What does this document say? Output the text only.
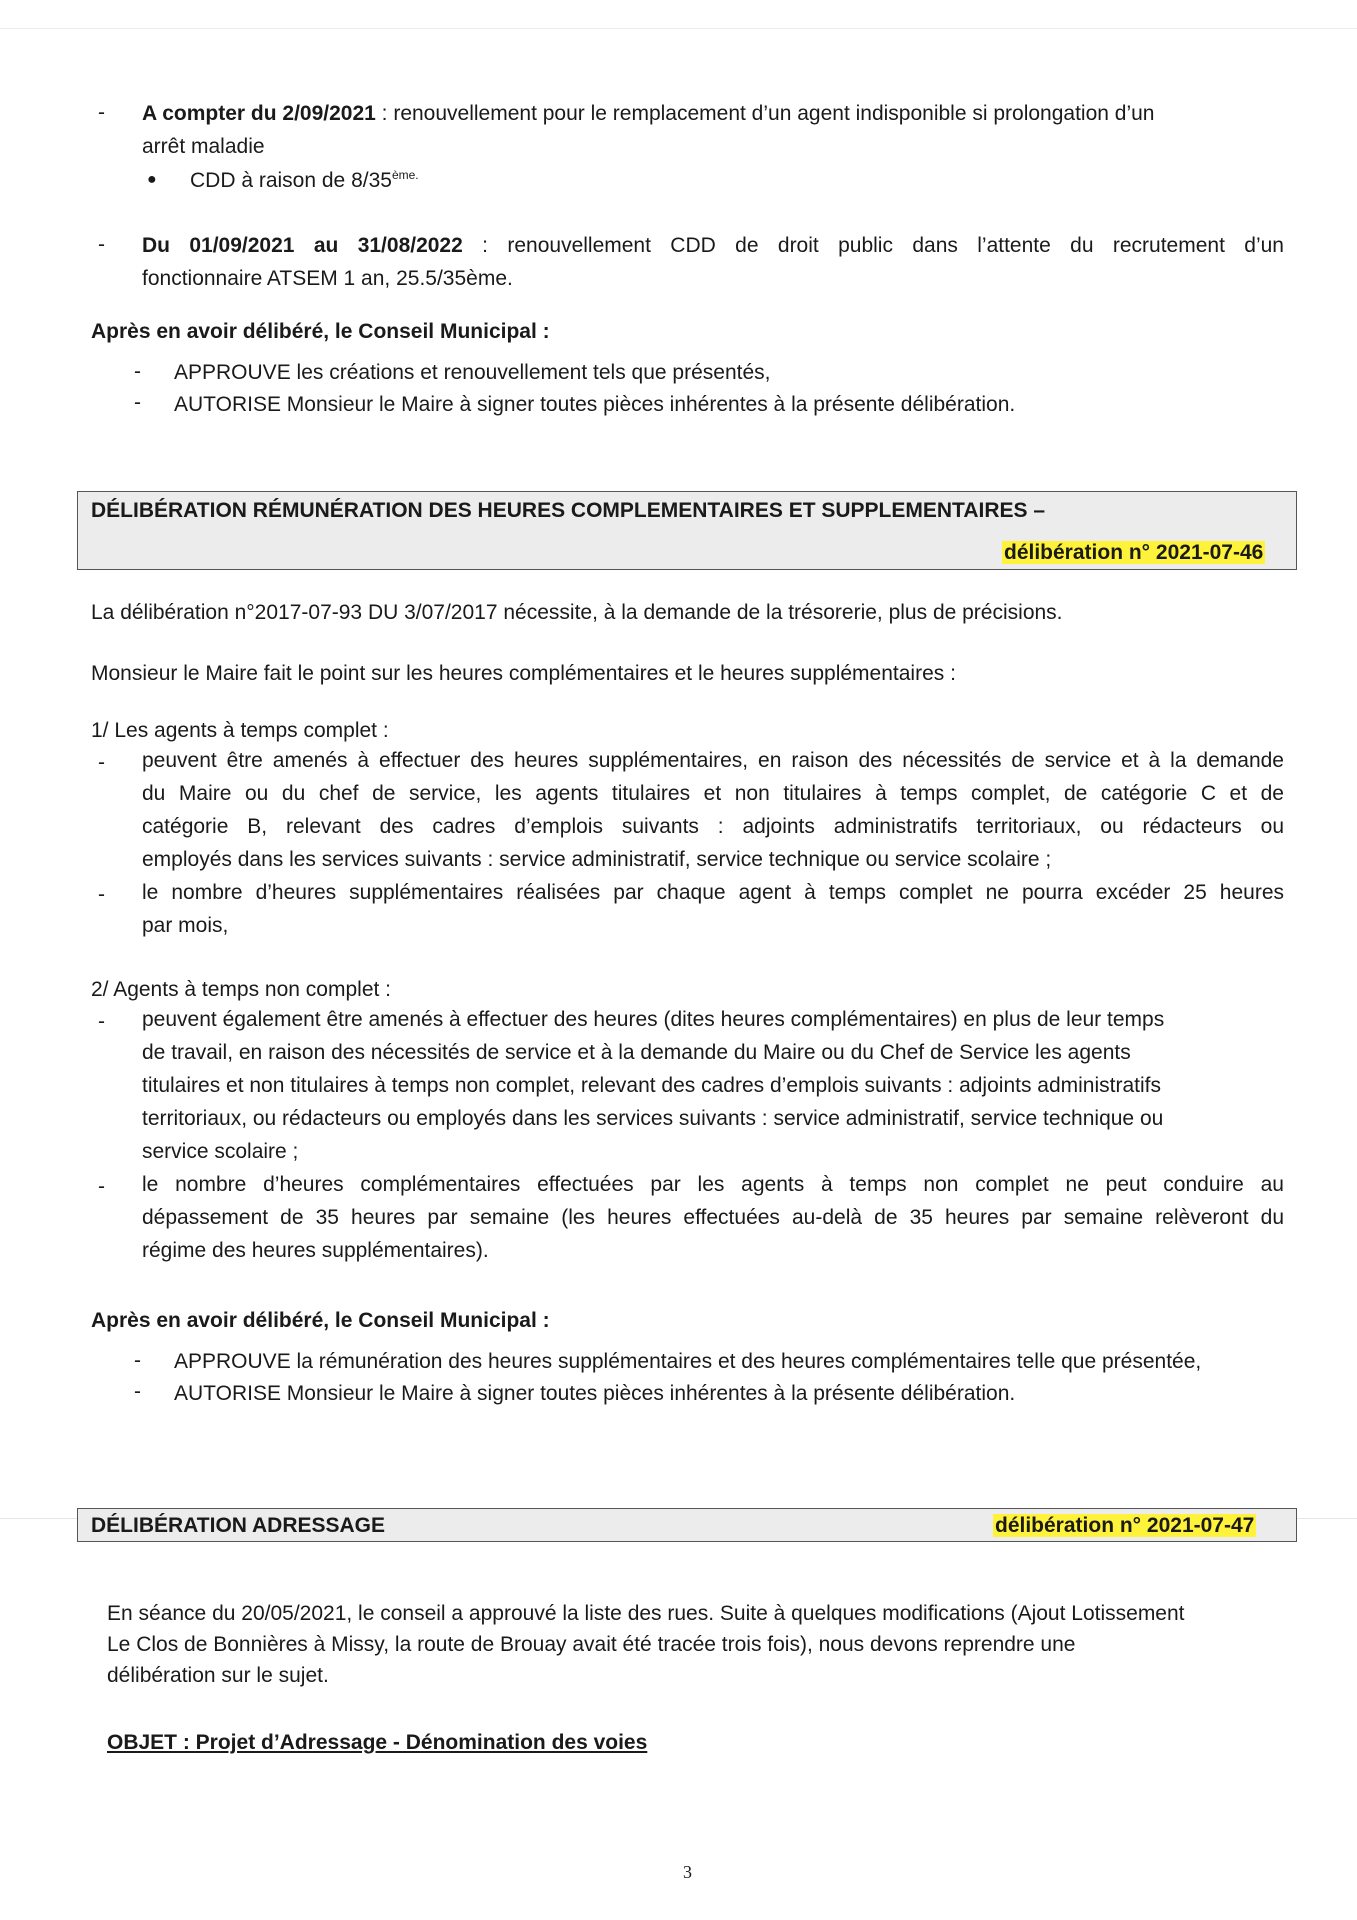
-	A compter du 2/09/2021 : renouvellement pour le remplacement d’un agent indisponible si prolongation d’un
arrêt maladie
● CDD à raison de $8/35^{ème.}$
-	Du 01/09/2021 au 31/08/2022 : renouvellement CDD de droit public dans l’attente du recrutement d’un
fonctionnaire ATSEM 1 an, 25.5/35ème.
Après en avoir délibéré, le Conseil Municipal :
-	APPROUVE les créations et renouvellement tels que présentés,
-	AUTORISE Monsieur le Maire à signer toutes pièces inhérentes à la présente délibération.
DÉLIBÉRATION RÉMUNÉRATION DES HEURES COMPLEMENTAIRES ET SUPPLEMENTAIRES –
délibération n° 2021-07-46
La délibération n°2017-07-93 DU 3/07/2017 nécessite, à la demande de la trésorerie, plus de précisions.
Monsieur le Maire fait le point sur les heures complémentaires et le heures supplémentaires :
1/ Les agents à temps complet :
-	peuvent être amenés à effectuer des heures supplémentaires, en raison des nécessités de service et à la demande
du Maire ou du chef de service, les agents titulaires et non titulaires à temps complet, de catégorie C et de
catégorie B, relevant des cadres d’emplois suivants : adjoints administratifs territoriaux, ou rédacteurs ou
employés dans les services suivants : service administratif, service technique ou service scolaire ;
-	le nombre d’heures supplémentaires réalisées par chaque agent à temps complet ne pourra excéder 25 heures
par mois,
2/ Agents à temps non complet :
-	peuvent également être amenés à effectuer des heures (dites heures complémentaires) en plus de leur temps
de travail, en raison des nécessités de service et à la demande du Maire ou du Chef de Service les agents
titulaires et non titulaires à temps non complet, relevant des cadres d’emplois suivants : adjoints administratifs
territoriaux, ou rédacteurs ou employés dans les services suivants : service administratif, service technique ou
service scolaire ;
-	le nombre d’heures complémentaires effectuées par les agents à temps non complet ne peut conduire au
dépassement de 35 heures par semaine (les heures effectuées au-delà de 35 heures par semaine relèveront du
régime des heures supplémentaires).
Après en avoir délibéré, le Conseil Municipal :
-	APPROUVE la rémunération des heures supplémentaires et des heures complémentaires telle que présentée,
-	AUTORISE Monsieur le Maire à signer toutes pièces inhérentes à la présente délibération.
DÉLIBÉRATION ADRESSAGE	délibération n° 2021-07-47
En séance du 20/05/2021, le conseil a approuvé la liste des rues. Suite à quelques modifications (Ajout Lotissement
Le Clos de Bonnières à Missy, la route de Brouay avait été tracée trois fois), nous devons reprendre une
délibération sur le sujet.
OBJET : Projet d’Adressage - Dénomination des voies
3
